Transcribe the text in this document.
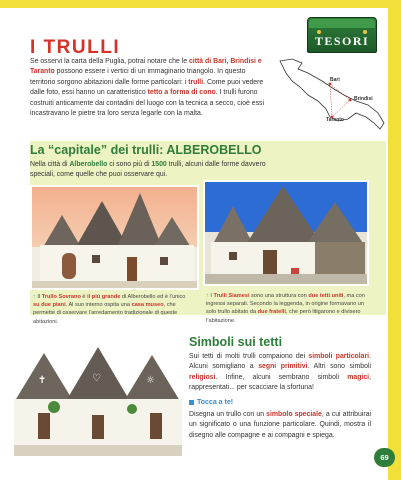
TESORI
I TRULLI

Se osservi la carta della Puglia, potrai notare che le città di Bari, Brindisi e Taranto possono essere i vertici di un immaginario triangolo. In questo territorio sorgono abitazioni dalle forme particolari: i trulli. Come puoi vedere dalle foto, essi hanno un caratteristico tetto a forma di cono. I trulli furono costruiti anticamente dai contadini del luogo con la tecnica a secco, cioè essi incastravano le pietre tra loro senza legarle con la malta.

Bari
Brindisi
Taranto
La “capitale” dei trulli: ALBEROBELLO

Nella città di Alberobello ci sono più di 1500 trulli, alcuni dalle forme davvero speciali, come quelle che puoi osservare qui.

↑ Il Trullo Sovrano è il più grande di Alberobello ed è l’unico su due piani. Al suo interno ospita una casa museo, che permette di osservare l’arredamento tradizionale di queste abitazioni.

↑ I Trulli Siamesi sono una struttura con due tetti uniti, ma con ingressi separati. Secondo la leggenda, in origine formavano un solo trullo abitato da due fratelli, che però litigarono e divisero l’abitazione.

✝	♡	☼
Simboli sui tetti

Sui tetti di molti trulli compaiono dei simboli particolari. Alcuni somigliano a segni primitivi. Altri sono simboli religiosi. Infine, alcuni sembrano simboli magici, rappresentati... per scacciare la sfortuna!

Tocca a te!

Disegna un trullo con un simbolo speciale, a cui attribuirai un significato o una funzione particolare. Quindi, mostra il disegno alle compagne e ai compagni e spiega.

69
